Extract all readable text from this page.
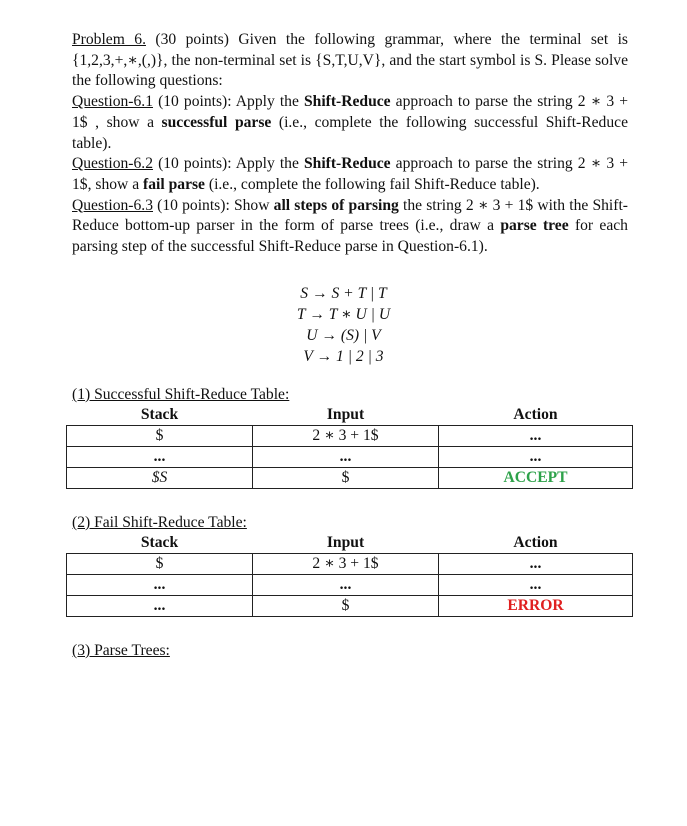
Problem 6. (30 points) Given the following grammar, where the terminal set is {1,2,3,+,∗,(,)}, the non-terminal set is {S,T,U,V}, and the start symbol is S. Please solve the following questions:

Question-6.1 (10 points): Apply the Shift-Reduce approach to parse the string 2 ∗ 3 + 1$ , show a successful parse (i.e., complete the following successful Shift-Reduce table).

Question-6.2 (10 points): Apply the Shift-Reduce approach to parse the string 2 ∗ 3 + 1$, show a fail parse (i.e., complete the following fail Shift-Reduce table).

Question-6.3 (10 points): Show all steps of parsing the string 2 ∗ 3 + 1$ with the Shift-Reduce bottom-up parser in the form of parse trees (i.e., draw a parse tree for each parsing step of the successful Shift-Reduce parse in Question-6.1).

S → S + T | T
T → T ∗ U | U
U → (S) | V
V → 1 | 2 | 3
(1) Successful Shift-Reduce Table:
Stack	Input	Action
$	2 ∗ 3 + 1$	...
...	...	...
$S	$	ACCEPT
(2) Fail Shift-Reduce Table:
Stack	Input	Action
$	2 ∗ 3 + 1$	...
...	...	...
...	$	ERROR
(3) Parse Trees:
